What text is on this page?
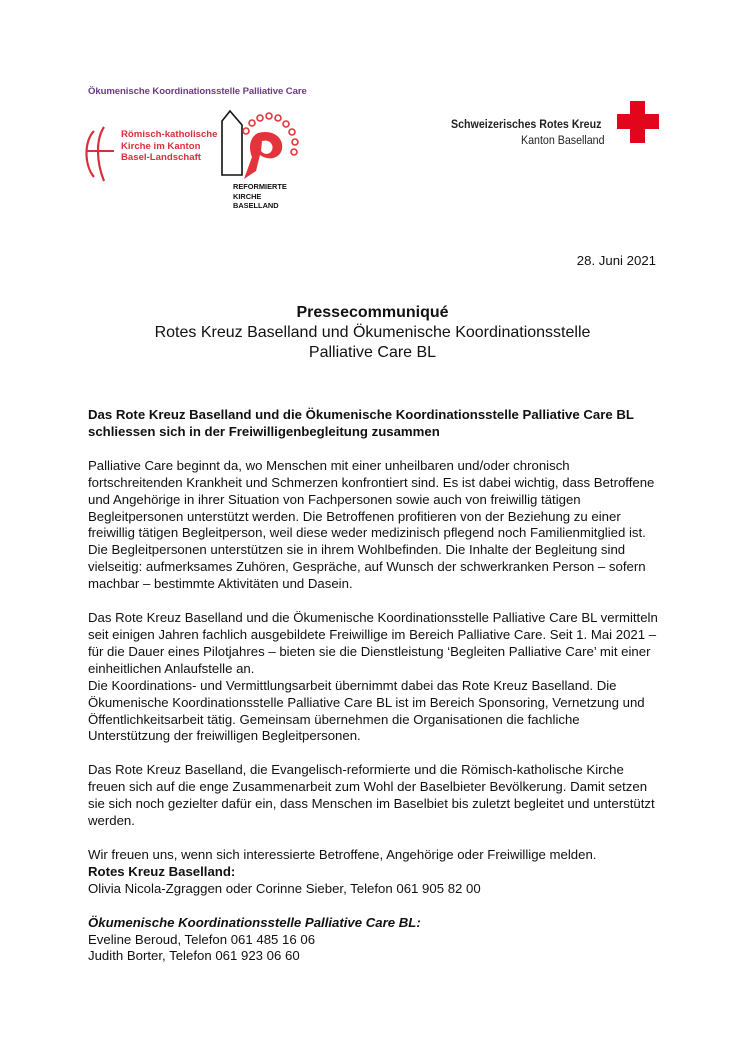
Ökumenische Koordinationsstelle Palliative Care
Römisch-katholische
Kirche im Kanton
Basel-Landschaft
REFORMIERTE
KIRCHE
BASELLAND
Schweizerisches Rotes Kreuz
Kanton Baselland
28. Juni 2021
Pressecommuniqué
Rotes Kreuz Baselland und Ökumenische Koordinationsstelle
Palliative Care BL

Das Rote Kreuz Baselland und die Ökumenische Koordinationsstelle Palliative Care BL schliessen sich in der Freiwilligenbegleitung zusammen

Palliative Care beginnt da, wo Menschen mit einer unheilbaren und/oder chronisch fortschreitenden Krankheit und Schmerzen konfrontiert sind. Es ist dabei wichtig, dass Betroffene und Angehörige in ihrer Situation von Fachpersonen sowie auch von freiwillig tätigen Begleitpersonen unterstützt werden. Die Betroffenen profitieren von der Beziehung zu einer freiwillig tätigen Begleitperson, weil diese weder medizinisch pflegend noch Familienmitglied ist. Die Begleitpersonen unterstützen sie in ihrem Wohlbefinden. Die Inhalte der Begleitung sind vielseitig: aufmerksames Zuhören, Gespräche, auf Wunsch der schwerkranken Person – sofern machbar – bestimmte Aktivitäten und Dasein.

Das Rote Kreuz Baselland und die Ökumenische Koordinationsstelle Palliative Care BL vermitteln seit einigen Jahren fachlich ausgebildete Freiwillige im Bereich Palliative Care. Seit 1. Mai 2021 – für die Dauer eines Pilotjahres – bieten sie die Dienstleistung ‘Begleiten Palliative Care’ mit einer einheitlichen Anlaufstelle an.

Die Koordinations- und Vermittlungsarbeit übernimmt dabei das Rote Kreuz Baselland. Die Ökumenische Koordinationsstelle Palliative Care BL ist im Bereich Sponsoring, Vernetzung und Öffentlichkeitsarbeit tätig. Gemeinsam übernehmen die Organisationen die fachliche Unterstützung der freiwilligen Begleitpersonen.

Das Rote Kreuz Baselland, die Evangelisch-reformierte und die Römisch-katholische Kirche freuen sich auf die enge Zusammenarbeit zum Wohl der Baselbieter Bevölkerung. Damit setzen sie sich noch gezielter dafür ein, dass Menschen im Baselbiet bis zuletzt begleitet und unterstützt werden.

Wir freuen uns, wenn sich interessierte Betroffene, Angehörige oder Freiwillige melden.

Rotes Kreuz Baselland:

Olivia Nicola-Zgraggen oder Corinne Sieber, Telefon 061 905 82 00

Ökumenische Koordinationsstelle Palliative Care BL:

Eveline Beroud, Telefon 061 485 16 06

Judith Borter, Telefon 061 923 06 60
